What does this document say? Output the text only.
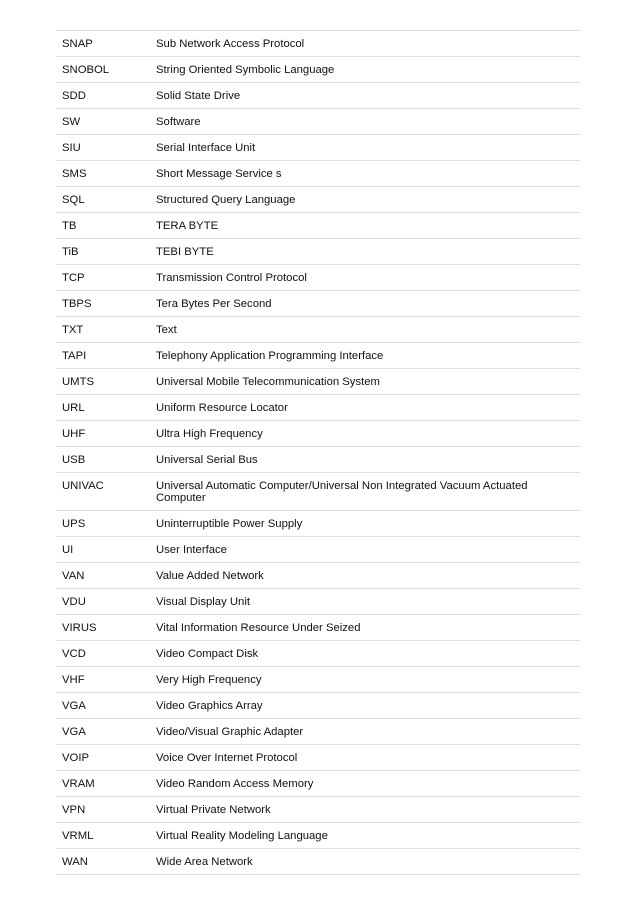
SNAP	Sub Network Access Protocol
SNOBOL	String Oriented Symbolic Language
SDD	Solid State Drive
SW	Software
SIU	Serial Interface Unit
SMS	Short Message Service s
SQL	Structured Query Language
TB	TERA BYTE
TiB	TEBI BYTE
TCP	Transmission Control Protocol
TBPS	Tera Bytes Per Second
TXT	Text
TAPI	Telephony Application Programming Interface
UMTS	Universal Mobile Telecommunication System
URL	Uniform Resource Locator
UHF	Ultra High Frequency
USB	Universal Serial Bus
UNIVAC	Universal Automatic Computer/Universal Non Integrated Vacuum Actuated Computer
UPS	Uninterruptible Power Supply
UI	User Interface
VAN	Value Added Network
VDU	Visual Display Unit
VIRUS	Vital Information Resource Under Seized
VCD	Video Compact Disk
VHF	Very High Frequency
VGA	Video Graphics Array
VGA	Video/Visual Graphic Adapter
VOIP	Voice Over Internet Protocol
VRAM	Video Random Access Memory
VPN	Virtual Private Network
VRML	Virtual Reality Modeling Language
WAN	Wide Area Network
